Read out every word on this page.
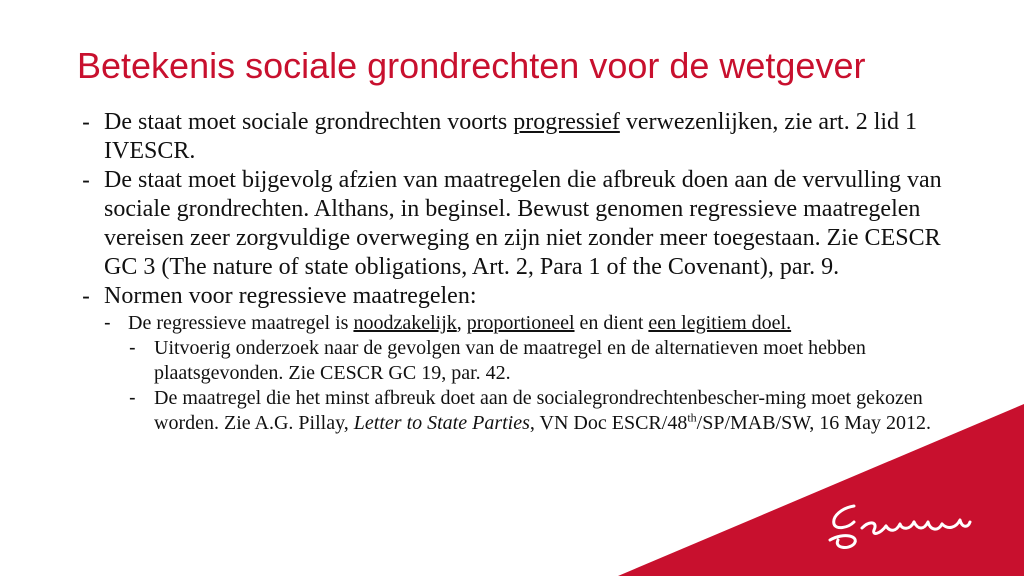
Betekenis sociale grondrechten voor de wetgever
- De staat moet sociale grondrechten voorts progressief verwezenlijken, zie art. 2 lid 1 IVESCR.
- De staat moet bijgevolg afzien van maatregelen die afbreuk doen aan de vervulling van sociale grondrechten. Althans, in beginsel. Bewust genomen regressieve maatregelen vereisen zeer zorgvuldige overweging en zijn niet zonder meer toegestaan. Zie CESCR GC 3 (The nature of state obligations, Art. 2, Para 1 of the Covenant), par. 9.
- Normen voor regressieve maatregelen:
- De regressieve maatregel is noodzakelijk, proportioneel en dient een legitiem doel.
- Uitvoerig onderzoek naar de gevolgen van de maatregel en de alternatieven moet hebben plaatsgevonden. Zie CESCR GC 19, par. 42.
- De maatregel die het minst afbreuk doet aan de socialegrondrechtenbescher-ming moet gekozen worden. Zie A.G. Pillay, Letter to State Parties, VN Doc ESCR/48th/SP/MAB/SW, 16 May 2012.
